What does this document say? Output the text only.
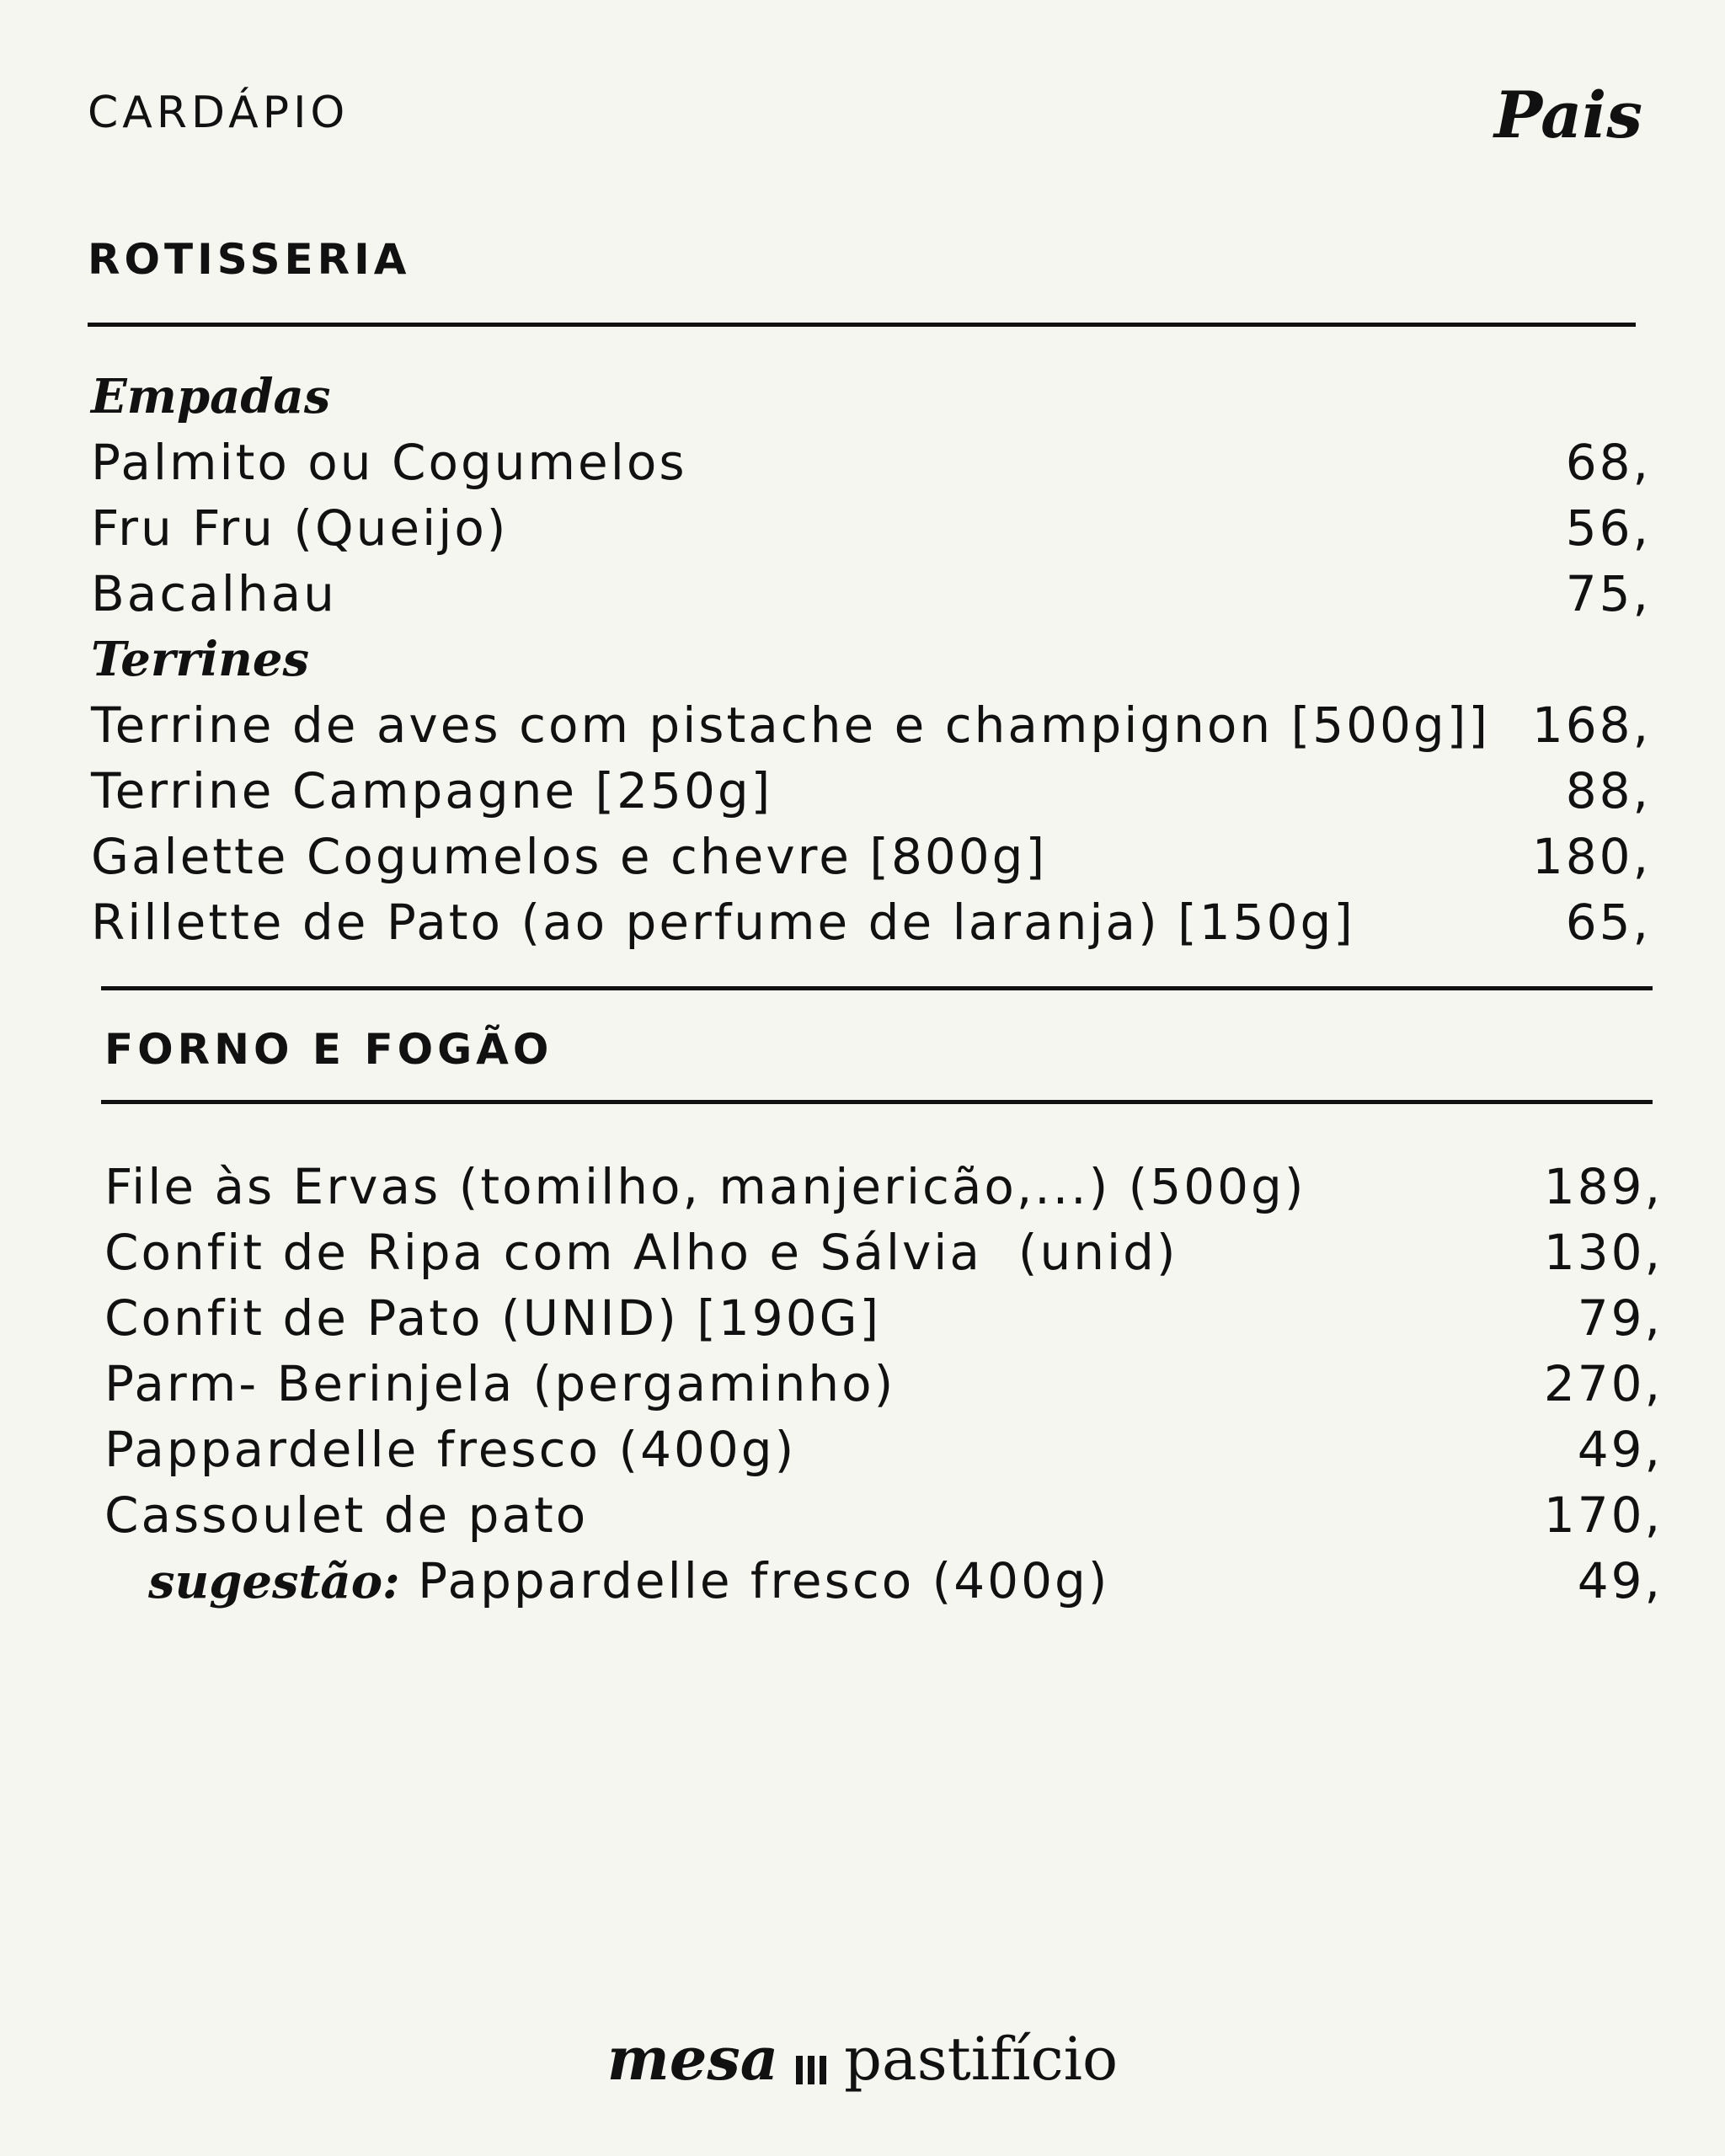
CARDÁPIO	Pais
ROTISSERIA
Empadas
Palmito ou Cogumelos	68,
Fru Fru (Queijo)	56,
Bacalhau	75,
Terrines
Terrine de aves com pistache e champignon [500g]] 168,
Terrine Campagne [250g]	88,
Galette Cogumelos e chevre [800g]	180,
Rillette de Pato (ao perfume de laranja) [150g]	65,
FORNO E FOGÃO
File às Ervas (tomilho, manjericão,...) (500g)	189,
Confit de Ripa com Alho e Sálvia  (unid)	130,
Confit de Pato (UNID) [190G]	79,
Parm- Berinjela (pergaminho)	270,
Pappardelle fresco (400g)	49,
Cassoulet de pato	170,
sugestão: Pappardelle fresco (400g)	49,
mesa pastifício
